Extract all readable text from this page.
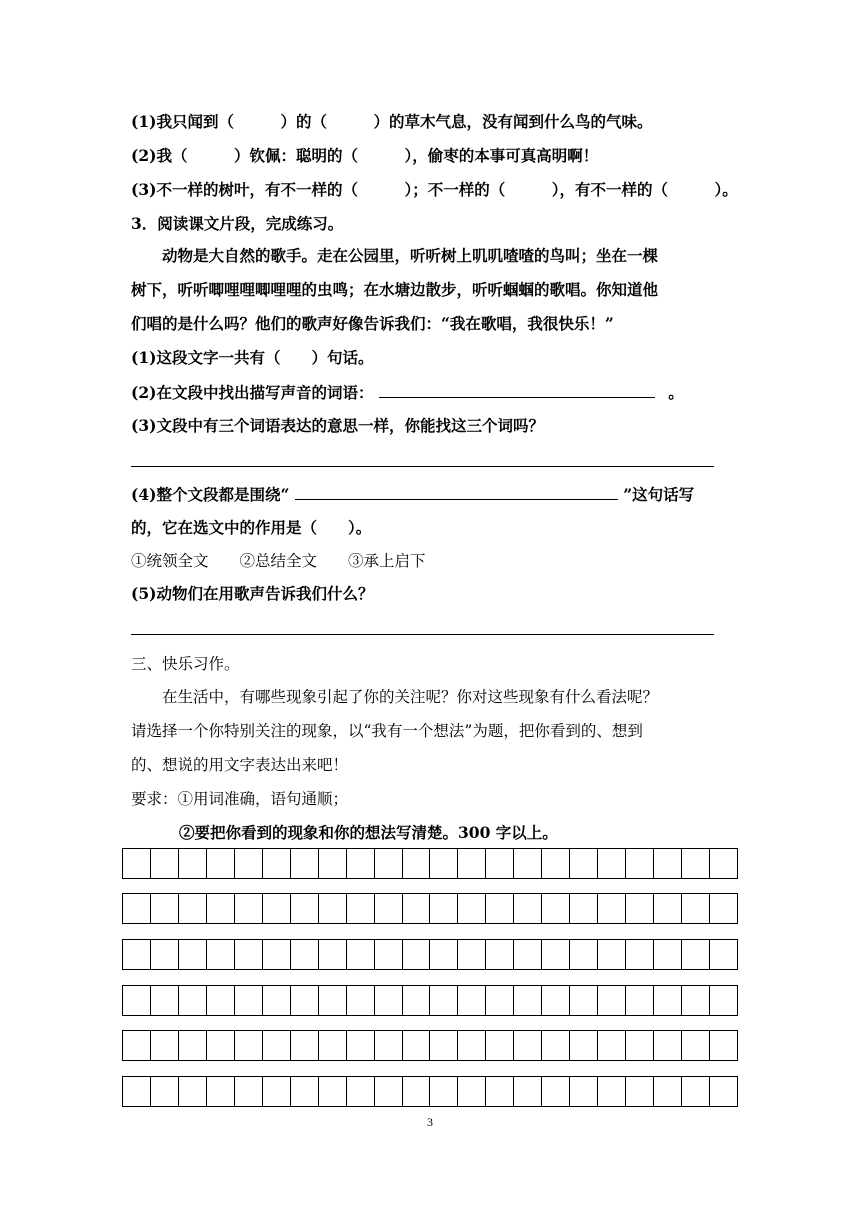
(1)我只闻到（　　　）的（　　　）的草木气息，没有闻到什么鸟的气味。
(2)我（　　　）钦佩：聪明的（　　　），偷枣的本事可真高明啊！
(3)不一样的树叶，有不一样的（　　　）；不一样的（　　　），有不一样的（　　　）。
3．阅读课文片段，完成练习。
动物是大自然的歌手。走在公园里，听听树上叽叽喳喳的鸟叫；坐在一棵
树下，听听唧哩哩唧哩哩的虫鸣；在水塘边散步，听听蝈蝈的歌唱。你知道他
们唱的是什么吗？他们的歌声好像告诉我们：“我在歌唱，我很快乐！”
(1)这段文字一共有（　　）句话。
(2)在文段中找出描写声音的词语：	。
(3)文段中有三个词语表达的意思一样，你能找这三个词吗？
(4)整个文段都是围绕“	”这句话写
的，它在选文中的作用是（　　）。
①统领全文　　②总结全文　　③承上启下
(5)动物们在用歌声告诉我们什么？
三、快乐习作。
在生活中，有哪些现象引起了你的关注呢？你对这些现象有什么看法呢？
请选择一个你特别关注的现象，以“我有一个想法”为题，把你看到的、想到
的、想说的用文字表达出来吧！
要求：①用词准确，语句通顺；
②要把你看到的现象和你的想法写清楚。300 字以上。
3
